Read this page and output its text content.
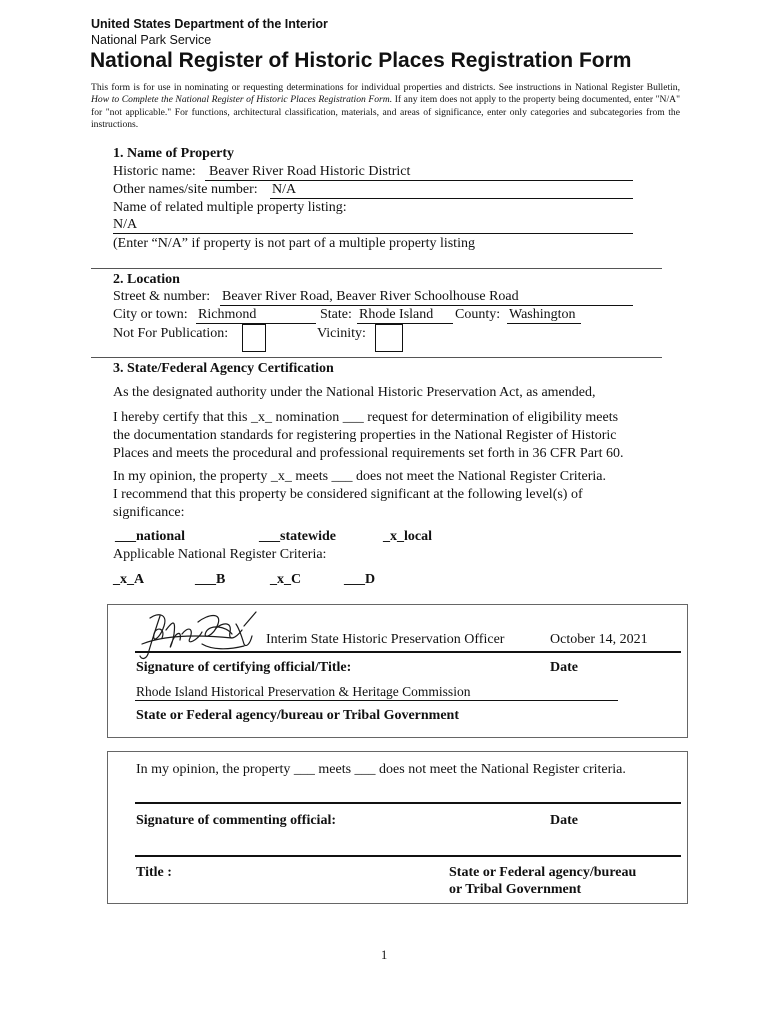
United States Department of the Interior
National Park Service
National Register of Historic Places Registration Form
This form is for use in nominating or requesting determinations for individual properties and districts. See instructions in National Register Bulletin, How to Complete the National Register of Historic Places Registration Form. If any item does not apply to the property being documented, enter "N/A" for "not applicable." For functions, architectural classification, materials, and areas of significance, enter only categories and subcategories from the instructions.
1. Name of Property
Historic name: Beaver River Road Historic District
Other names/site number: N/A
Name of related multiple property listing:
N/A
(Enter “N/A” if property is not part of a multiple property listing
2. Location
Street & number: Beaver River Road, Beaver River Schoolhouse Road
City or town: Richmond	State: Rhode Island County: Washington
Not For Publication:	Vicinity:
3. State/Federal Agency Certification
As the designated authority under the National Historic Preservation Act, as amended,
I hereby certify that this _x_ nomination ___ request for determination of eligibility meets
the documentation standards for registering properties in the National Register of Historic
Places and meets the procedural and professional requirements set forth in 36 CFR Part 60.
In my opinion, the property _x_ meets ___ does not meet the National Register Criteria.
I recommend that this property be considered significant at the following level(s) of
significance:
___national	___statewide	_x_local
Applicable National Register Criteria:
_x_A	___B	_x_C	___D
Interim State Historic Preservation Officer	October 14, 2021
Signature of certifying official/Title:	Date
Rhode Island Historical Preservation & Heritage Commission
State or Federal agency/bureau or Tribal Government
In my opinion, the property ___ meets ___ does not meet the National Register criteria.
Signature of commenting official:	Date
Title :	State or Federal agency/bureau
or Tribal Government
1
